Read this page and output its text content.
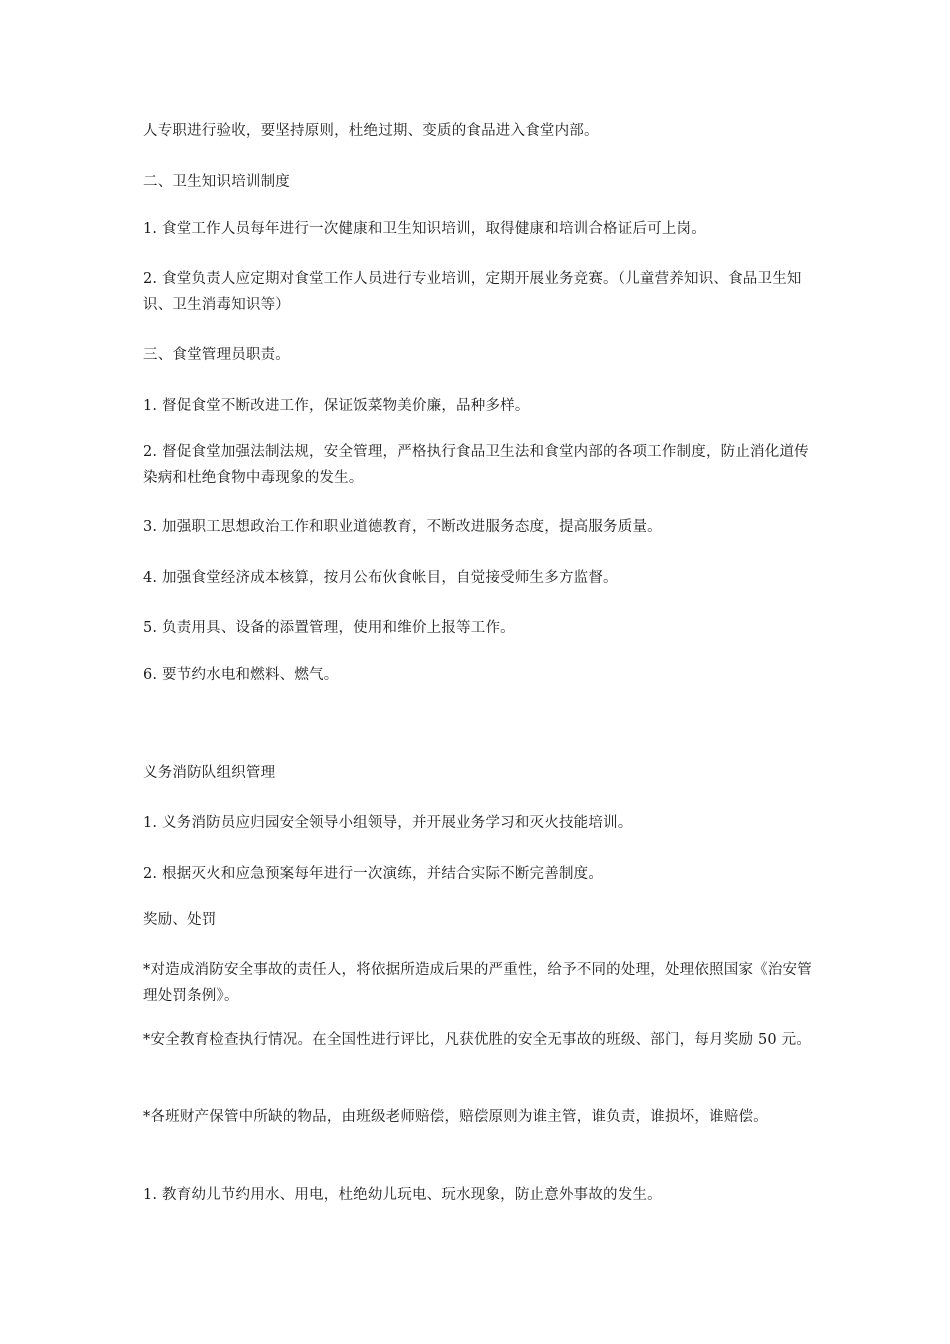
人专职进行验收，要坚持原则，杜绝过期、变质的食品进入食堂内部。

二、卫生知识培训制度

1. 食堂工作人员每年进行一次健康和卫生知识培训，取得健康和培训合格证后可上岗。

2. 食堂负责人应定期对食堂工作人员进行专业培训，定期开展业务竞赛。（儿童营养知识、食品卫生知识、卫生消毒知识等）

三、食堂管理员职责。

1. 督促食堂不断改进工作，保证饭菜物美价廉，品种多样。

2. 督促食堂加强法制法规，安全管理，严格执行食品卫生法和食堂内部的各项工作制度，防止消化道传染病和杜绝食物中毒现象的发生。

3. 加强职工思想政治工作和职业道德教育，不断改进服务态度，提高服务质量。

4. 加强食堂经济成本核算，按月公布伙食帐目，自觉接受师生多方监督。

5. 负责用具、设备的添置管理，使用和维价上报等工作。

6. 要节约水电和燃料、燃气。

义务消防队组织管理

1. 义务消防员应归园安全领导小组领导，并开展业务学习和灭火技能培训。

2. 根据灭火和应急预案每年进行一次演练，并结合实际不断完善制度。

奖励、处罚

*对造成消防安全事故的责任人，将依据所造成后果的严重性，给予不同的处理，处理依照国家《治安管理处罚条例》。

*安全教育检查执行情况。在全国性进行评比，凡获优胜的安全无事故的班级、部门，每月奖励 50 元。

*各班财产保管中所缺的物品，由班级老师赔偿，赔偿原则为谁主管，谁负责，谁损坏，谁赔偿。

1. 教育幼儿节约用水、用电，杜绝幼儿玩电、玩水现象，防止意外事故的发生。
